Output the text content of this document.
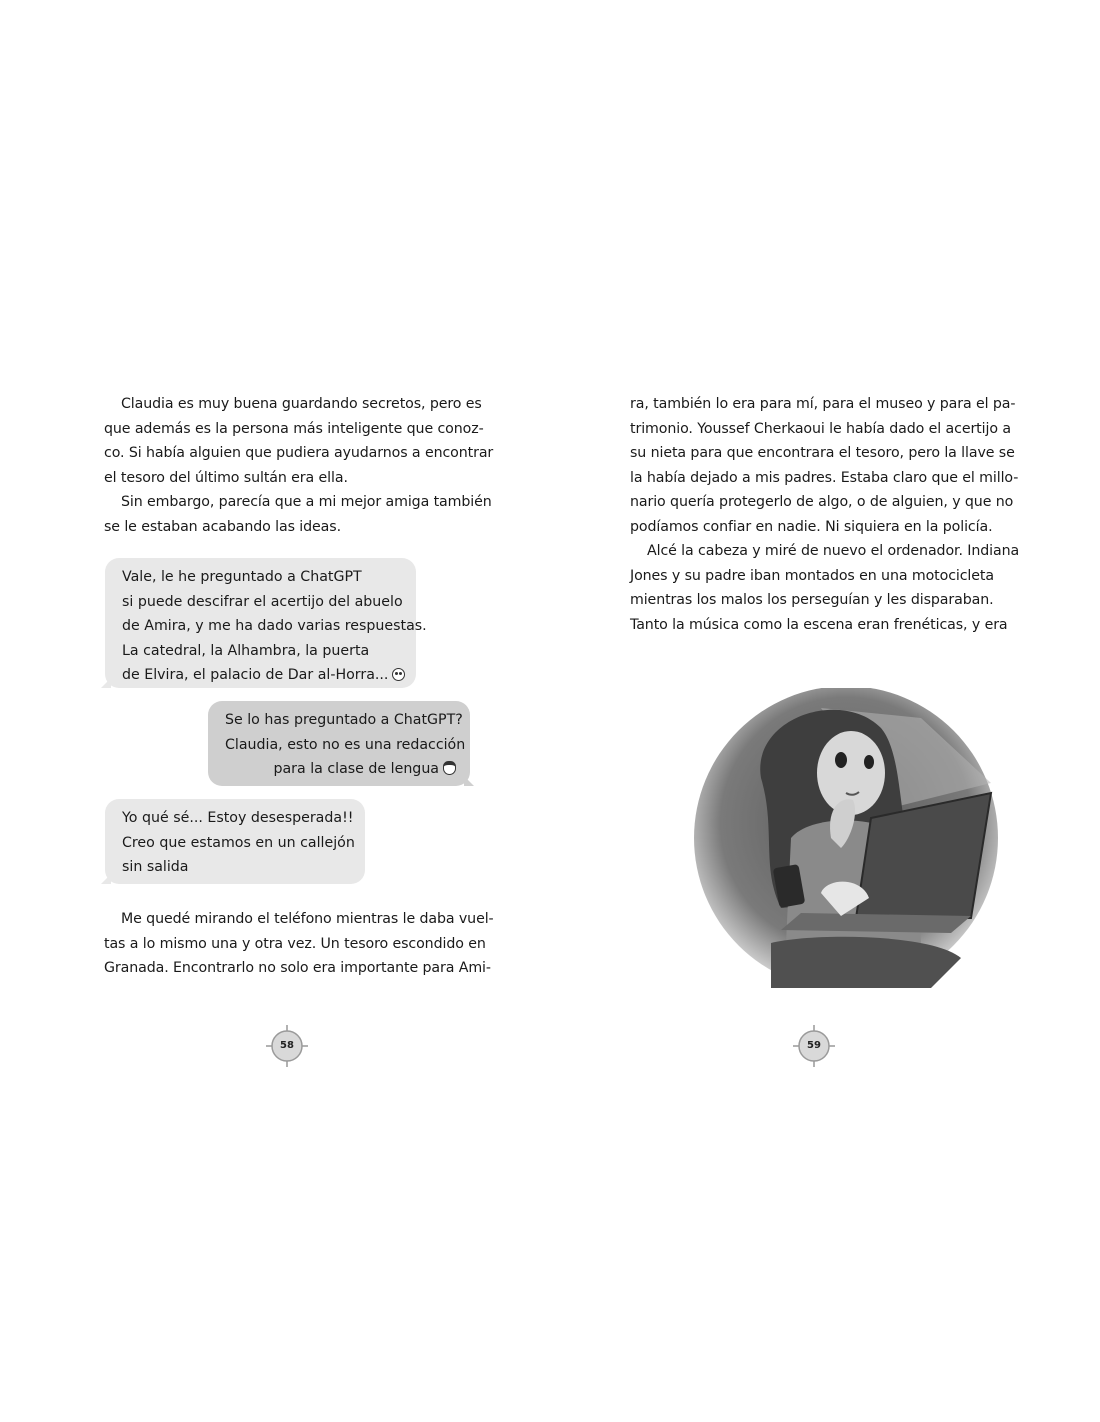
Claudia es muy buena guardando secretos, pero es
que además es la persona más inteligente que conoz-
co. Si había alguien que pudiera ayudarnos a encontrar
el tesoro del último sultán era ella.
Sin embargo, parecía que a mi mejor amiga también
se le estaban acabando las ideas.
Vale, le he preguntado a ChatGPT
si puede descifrar el acertijo del abuelo
de Amira, y me ha dado varias respuestas.
La catedral, la Alhambra, la puerta
de Elvira, el palacio de Dar al-Horra...
Se lo has preguntado a ChatGPT?
Claudia, esto no es una redacción
para la clase de lengua
Yo qué sé... Estoy desesperada!!
Creo que estamos en un callejón
sin salida
Me quedé mirando el teléfono mientras le daba vuel-
tas a lo mismo una y otra vez. Un tesoro escondido en
Granada. Encontrarlo no solo era importante para Ami-
58
ra, también lo era para mí, para el museo y para el pa-
trimonio. Youssef Cherkaoui le había dado el acertijo a
su nieta para que encontrara el tesoro, pero la llave se
la había dejado a mis padres. Estaba claro que el millo-
nario quería protegerlo de algo, o de alguien, y que no
podíamos confiar en nadie. Ni siquiera en la policía.
Alcé la cabeza y miré de nuevo el ordenador. Indiana
Jones y su padre iban montados en una motocicleta
mientras los malos los perseguían y les disparaban.
Tanto la música como la escena eran frenéticas, y era
59
